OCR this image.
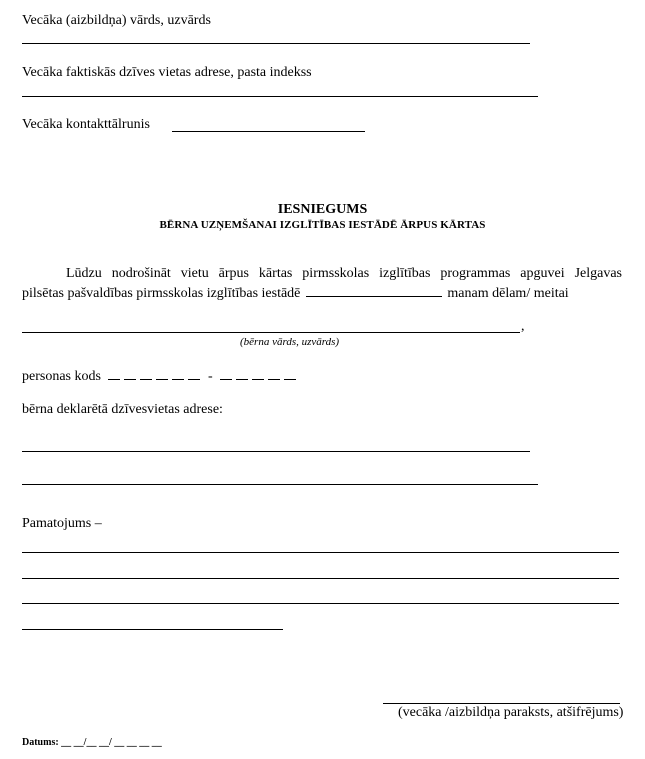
Vecāka (aizbildņa) vārds, uzvārds
Vecāka faktiskās dzīves vietas adrese, pasta indekss
Vecāka kontakttālrunis
IESNIEGUMS
BĒRNA UZŅEMŠANAI IZGLĪTĪBAS IESTĀDĒ ĀRPUS KĀRTAS
Lūdzu nodrošināt vietu ārpus kārtas pirmsskolas izglītības programmas apguvei Jelgavas
pilsētas pašvaldības pirmsskolas izglītības iestādē	manam dēlam/ meitai
,
(bērna vārds, uzvārds)
personas kods	-
bērna deklarētā dzīvesvietas adrese:
Pamatojums –
(vecāka /aizbildņa paraksts, atšifrējums)
Datums: __ __/__ __/ __ __ __ __
